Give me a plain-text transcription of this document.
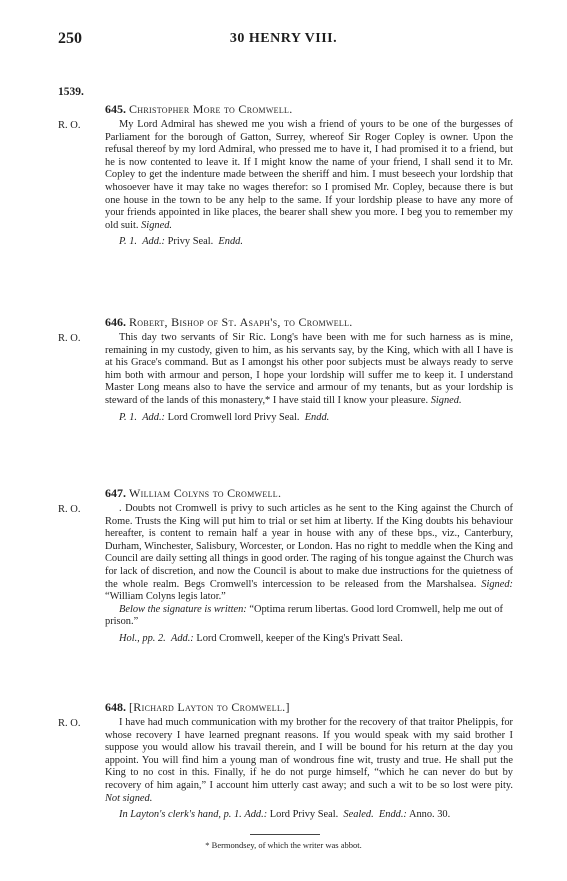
250	30 HENRY VIII.
1539.
R. O.

645. Christopher More to Cromwell.

My Lord Admiral has shewed me you wish a friend of yours to be one of the burgesses of Parliament for the borough of Gatton, Surrey, whereof Sir Roger Copley is owner. Upon the refusal thereof by my lord Admiral, who pressed me to have it, I had promised it to a friend, but he is now contented to leave it. If I might know the name of your friend, I shall send it to Mr. Copley to get the indenture made between the sheriff and him. I must beseech your lordship that whosoever have it may take no wages therefor: so I promised Mr. Copley, because there is but one house in the town to be any help to the same. If your lordship please to have any more of your friends appointed in like places, the bearer shall shew you more. I beg you to remember my old suit. Signed.

P. 1. Add.: Privy Seal. Endd.

R. O.

646. Robert, Bishop of St. Asaph's, to Cromwell.

This day two servants of Sir Ric. Long's have been with me for such harness as is mine, remaining in my custody, given to him, as his servants say, by the King, which with all I have is at his Grace's command. But as I amongst his other poor subjects must be always ready to serve him both with armour and person, I hope your lordship will suffer me to keep it. I understand Master Long means also to have the service and armour of my tenants, but as your lordship is steward of the lands of this monastery,* I have staid till I know your pleasure. Signed.

P. 1. Add.: Lord Cromwell lord Privy Seal. Endd.

R. O.

647. William Colyns to Cromwell.

. Doubts not Cromwell is privy to such articles as he sent to the King against the Church of Rome. Trusts the King will put him to trial or set him at liberty. If the King doubts his behaviour hereafter, is content to remain half a year in house with any of these bps., viz., Canterbury, Durham, Winchester, Salisbury, Worcester, or London. Has no right to meddle when the King and Council are daily setting all things in good order. The raging of his tongue against the Church was for lack of discretion, and now the Council is about to make due instructions for the quietness of the whole realm. Begs Cromwell's intercession to be released from the Marshalsea. Signed: “William Colyns legis lator.”

Below the signature is written: “Optima rerum libertas. Good lord Cromwell, help me out of prison.”

Hol., pp. 2. Add.: Lord Cromwell, keeper of the King's Privatt Seal.

R. O.

648. [Richard Layton to Cromwell.]

I have had much communication with my brother for the recovery of that traitor Phelippis, for whose recovery I have learned pregnant reasons. If you would speak with my said brother I suppose you would allow his travail therein, and I will be bound for his return at the day you appoint. You will find him a young man of wondrous fine wit, trusty and true. He shall put the King to no cost in this. Finally, if he do not purge himself, “which he can never do but by recovery of him again,” I account him utterly cast away; and such a wit to be so lost were pity. Not signed.

In Layton's clerk's hand, p. 1. Add.: Lord Privy Seal. Sealed. Endd.: Anno. 30.

* Bermondsey, of which the writer was abbot.
